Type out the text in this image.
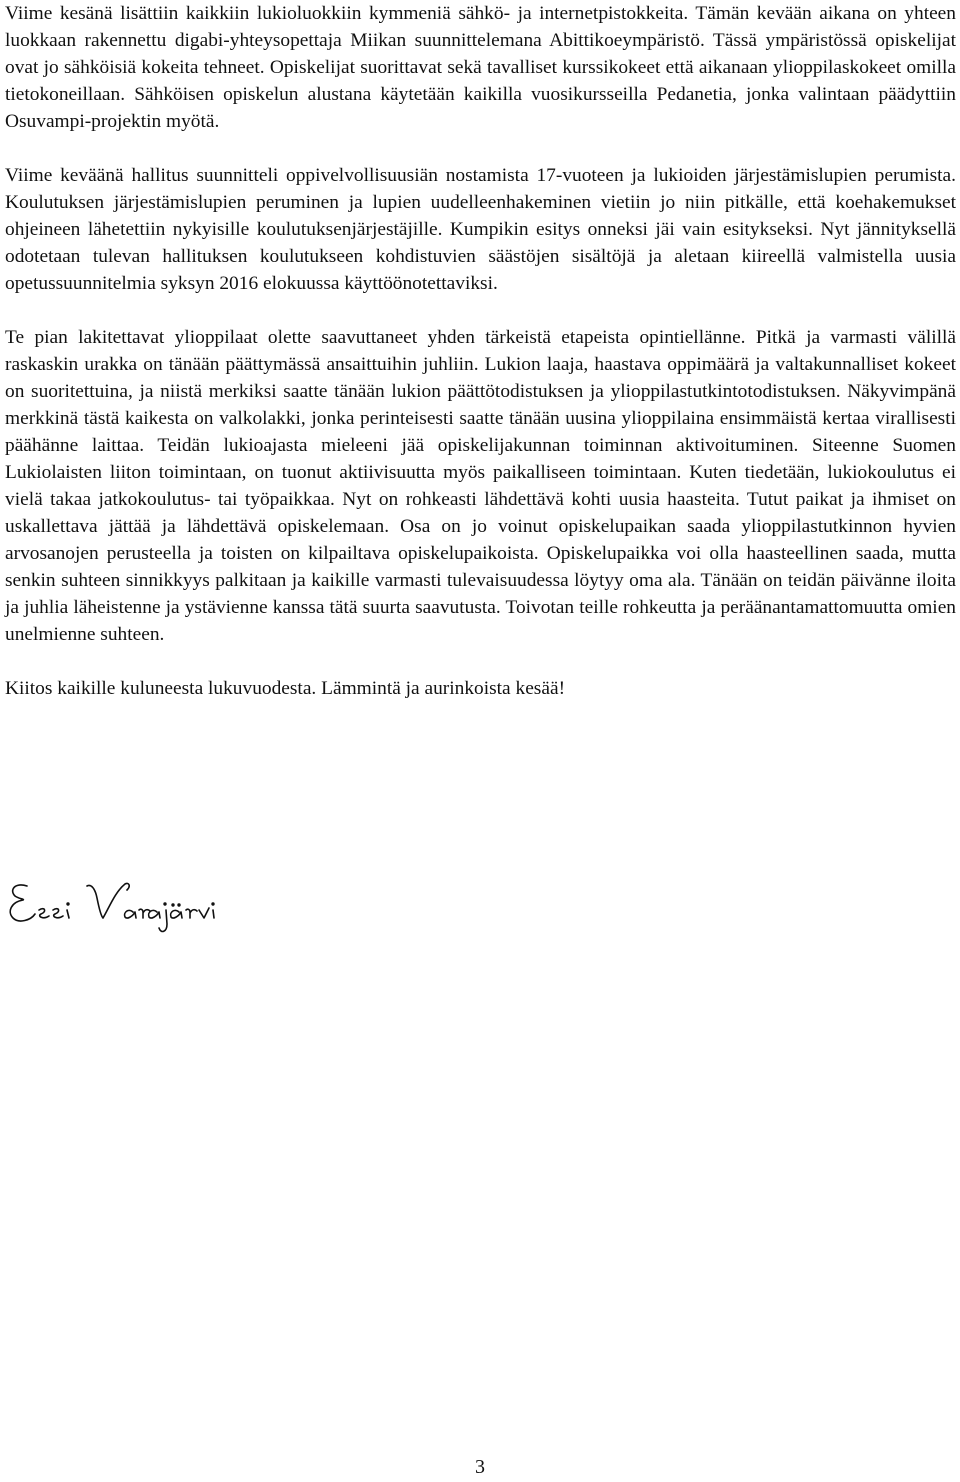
Viime kesänä lisättiin kaikkiin lukioluokkiin kymmeniä sähkö- ja internetpistokkeita. Tämän kevään aikana on yhteen luokkaan rakennettu digabi-yhteysopettaja Miikan suunnittelemana Abittikoeympäristö. Tässä ympäristössä opiskelijat ovat jo sähköisiä kokeita tehneet. Opiskelijat suorittavat sekä tavalliset kurssikokeet että aikanaan ylioppilaskokeet omilla tietokoneillaan. Sähköisen opiskelun alustana käytetään kaikilla vuosikursseilla Pedanetia, jonka valintaan päädyttiin Osuvampi-projektin myötä.

Viime keväänä hallitus suunnitteli oppivelvollisuusiän nostamista 17-vuoteen ja lukioiden järjestämislupien perumista. Koulutuksen järjestämislupien peruminen ja lupien uudelleenhakeminen vietiin jo niin pitkälle, että koehakemukset ohjeineen lähetettiin nykyisille koulutuksenjärjestäjille. Kumpikin esitys onneksi jäi vain esitykseksi. Nyt jännityksellä odotetaan tulevan hallituksen koulutukseen kohdistuvien säästöjen sisältöjä ja aletaan kiireellä valmistella uusia opetussuunnitelmia syksyn 2016 elokuussa käyttöönotettaviksi.

Te pian lakitettavat ylioppilaat olette saavuttaneet yhden tärkeistä etapeista opintiellänne. Pitkä ja varmasti välillä raskaskin urakka on tänään päättymässä ansaittuihin juhliin. Lukion laaja, haastava oppimäärä ja valtakunnalliset kokeet on suoritettuina, ja niistä merkiksi saatte tänään lukion päättötodistuksen ja ylioppilastutkintotodistuksen. Näkyvimpänä merkkinä tästä kaikesta on valkolakki, jonka perinteisesti saatte tänään uusina ylioppilaina ensimmäistä kertaa virallisesti päähänne laittaa. Teidän lukioajasta mieleeni jää opiskelijakunnan toiminnan aktivoituminen. Siteenne Suomen Lukiolaisten liiton toimintaan, on tuonut aktiivisuutta myös paikalliseen toimintaan. Kuten tiedetään, lukiokoulutus ei vielä takaa jatkokoulutus- tai työpaikkaa. Nyt on rohkeasti lähdettävä kohti uusia haasteita. Tutut paikat ja ihmiset on uskallettava jättää ja lähdettävä opiskelemaan. Osa on jo voinut opiskelupaikan saada ylioppilastutkinnon hyvien arvosanojen perusteella ja toisten on kilpailtava opiskelupaikoista. Opiskelupaikka voi olla haasteellinen saada, mutta senkin suhteen sinnikkyys palkitaan ja kaikille varmasti tulevaisuudessa löytyy oma ala. Tänään on teidän päivänne iloita ja juhlia läheistenne ja ystävienne kanssa tätä suurta saavutusta. Toivotan teille rohkeutta ja peräänantamattomuutta omien unelmienne suhteen.

Kiitos kaikille kuluneesta lukuvuodesta. Lämmintä ja aurinkoista kesää!

3
